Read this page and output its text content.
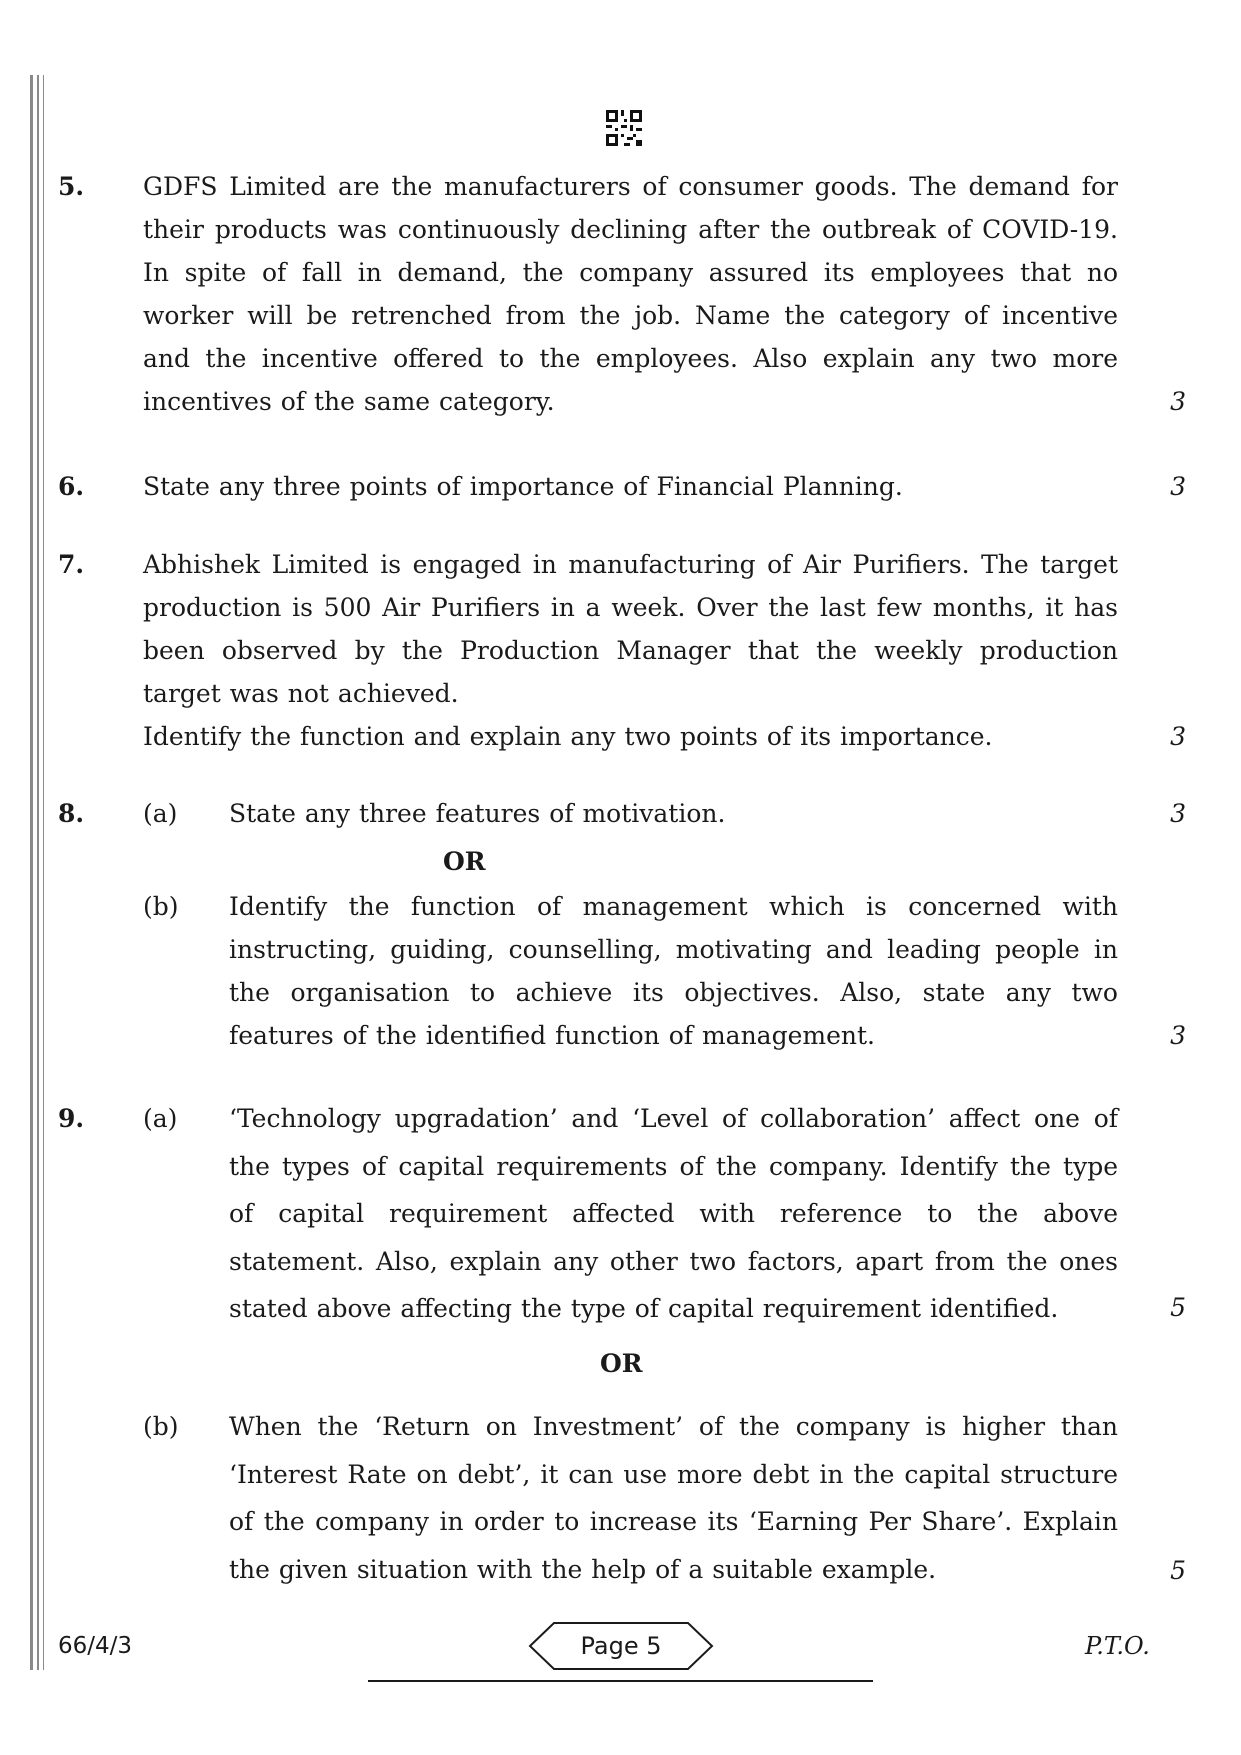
5. GDFS Limited are the manufacturers of consumer goods. The demand for their products was continuously declining after the outbreak of COVID-19. In spite of fall in demand, the company assured its employees that no worker will be retrenched from the job. Name the category of incentive and the incentive offered to the employees. Also explain any two more incentives of the same category.	3
6. State any three points of importance of Financial Planning.	3
7. Abhishek Limited is engaged in manufacturing of Air Purifiers. The target production is 500 Air Purifiers in a week. Over the last few months, it has been observed by the Production Manager that the weekly production target was not achieved.

Identify the function and explain any two points of its importance.	3
8. (a) State any three features of motivation.	3
OR
(b) Identify the function of management which is concerned with instructing, guiding, counselling, motivating and leading people in the organisation to achieve its objectives. Also, state any two features of the identified function of management.	3
9. (a) ‘Technology upgradation’ and ‘Level of collaboration’ affect one of the types of capital requirements of the company. Identify the type of capital requirement affected with reference to the above statement. Also, explain any other two factors, apart from the ones stated above affecting the type of capital requirement identified.	5
OR
(b) When the ‘Return on Investment’ of the company is higher than ‘Interest Rate on debt’, it can use more debt in the capital structure of the company in order to increase its ‘Earning Per Share’. Explain the given situation with the help of a suitable example.	5
66/4/3	Page 5	P.T.O.
